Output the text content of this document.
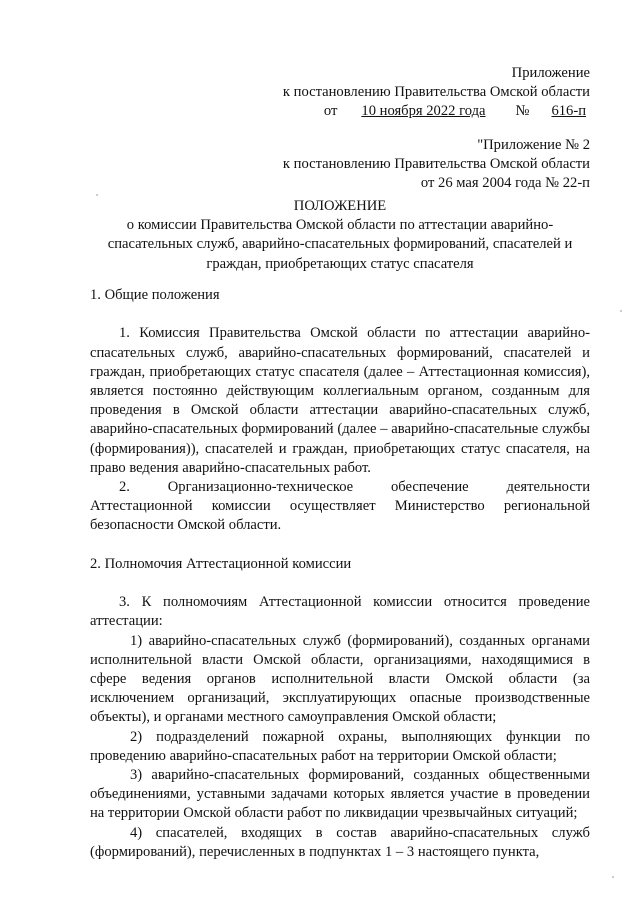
Приложение
к постановлению Правительства Омской области
от 10 ноября 2022 года № 616-п
"Приложение № 2
к постановлению Правительства Омской области
от 26 мая 2004 года № 22-п
ПОЛОЖЕНИЕ
о комиссии Правительства Омской области по аттестации аварийно-
спасательных служб, аварийно-спасательных формирований, спасателей и
граждан, приобретающих статус спасателя

1. Общие положения

1. Комиссия Правительства Омской области по аттестации аварийно-спасательных служб, аварийно-спасательных формирований, спасателей и граждан, приобретающих статус спасателя (далее – Аттестационная комиссия), является постоянно действующим коллегиальным органом, созданным для проведения в Омской области аттестации аварийно-спасательных служб, аварийно-спасательных формирований (далее – аварийно-спасательные службы (формирования)), спасателей и граждан, приобретающих статус спасателя, на право ведения аварийно-спасательных работ.

2. Организационно-техническое обеспечение деятельности Аттестационной комиссии осуществляет Министерство региональной безопасности Омской области.

2. Полномочия Аттестационной комиссии

3. К полномочиям Аттестационной комиссии относится проведение аттестации:

1) аварийно-спасательных служб (формирований), созданных органами исполнительной власти Омской области, организациями, находящимися в сфере ведения органов исполнительной власти Омской области (за исключением организаций, эксплуатирующих опасные производственные объекты), и органами местного самоуправления Омской области;

2) подразделений пожарной охраны, выполняющих функции по проведению аварийно-спасательных работ на территории Омской области;

3) аварийно-спасательных формирований, созданных общественными объединениями, уставными задачами которых является участие в проведении на территории Омской области работ по ликвидации чрезвычайных ситуаций;

4) спасателей, входящих в состав аварийно-спасательных служб (формирований), перечисленных в подпунктах 1 – 3 настоящего пункта,
